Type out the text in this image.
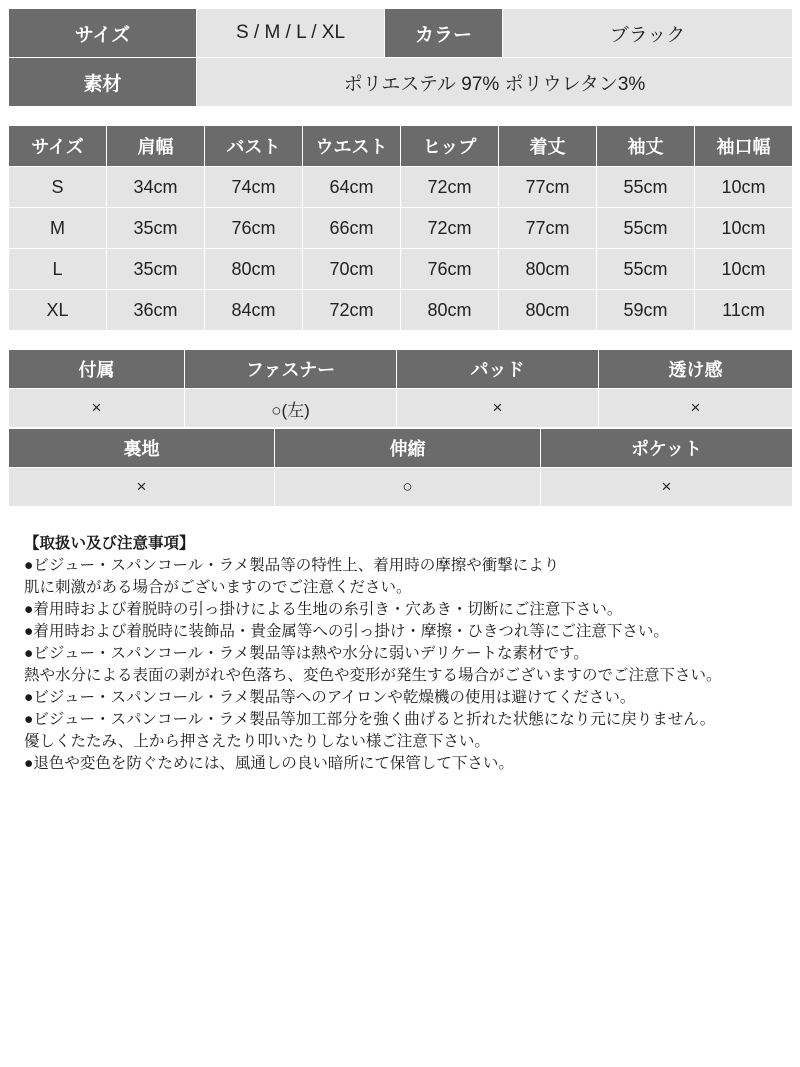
サイズ	S / M / L / XL	カラー	ブラック
素材	ポリエステル 97% ポリウレタン3%		
サイズ	肩幅	バスト	ウエスト	ヒップ	着丈	袖丈	袖口幅
S	34cm	74cm	64cm	72cm	77cm	55cm	10cm
M	35cm	76cm	66cm	72cm	77cm	55cm	10cm
L	35cm	80cm	70cm	76cm	80cm	55cm	10cm
XL	36cm	84cm	72cm	80cm	80cm	59cm	11cm
付属	ファスナー	パッド	透け感
×	○(左)	×	×
裏地	伸縮	ポケット
×	○	×
【取扱い及び注意事項】
●ビジュー・スパンコール・ラメ製品等の特性上、着用時の摩擦や衝撃により
肌に刺激がある場合がございますのでご注意ください。
●着用時および着脱時の引っ掛けによる生地の糸引き・穴あき・切断にご注意下さい。
●着用時および着脱時に装飾品・貴金属等への引っ掛け・摩擦・ひきつれ等にご注意下さい。
●ビジュー・スパンコール・ラメ製品等は熱や水分に弱いデリケートな素材です。
熱や水分による表面の剥がれや色落ち、変色や変形が発生する場合がございますのでご注意下さい。
●ビジュー・スパンコール・ラメ製品等へのアイロンや乾燥機の使用は避けてください。
●ビジュー・スパンコール・ラメ製品等加工部分を強く曲げると折れた状態になり元に戻りません。
優しくたたみ、上から押さえたり叩いたりしない様ご注意下さい。
●退色や変色を防ぐためには、風通しの良い暗所にて保管して下さい。
